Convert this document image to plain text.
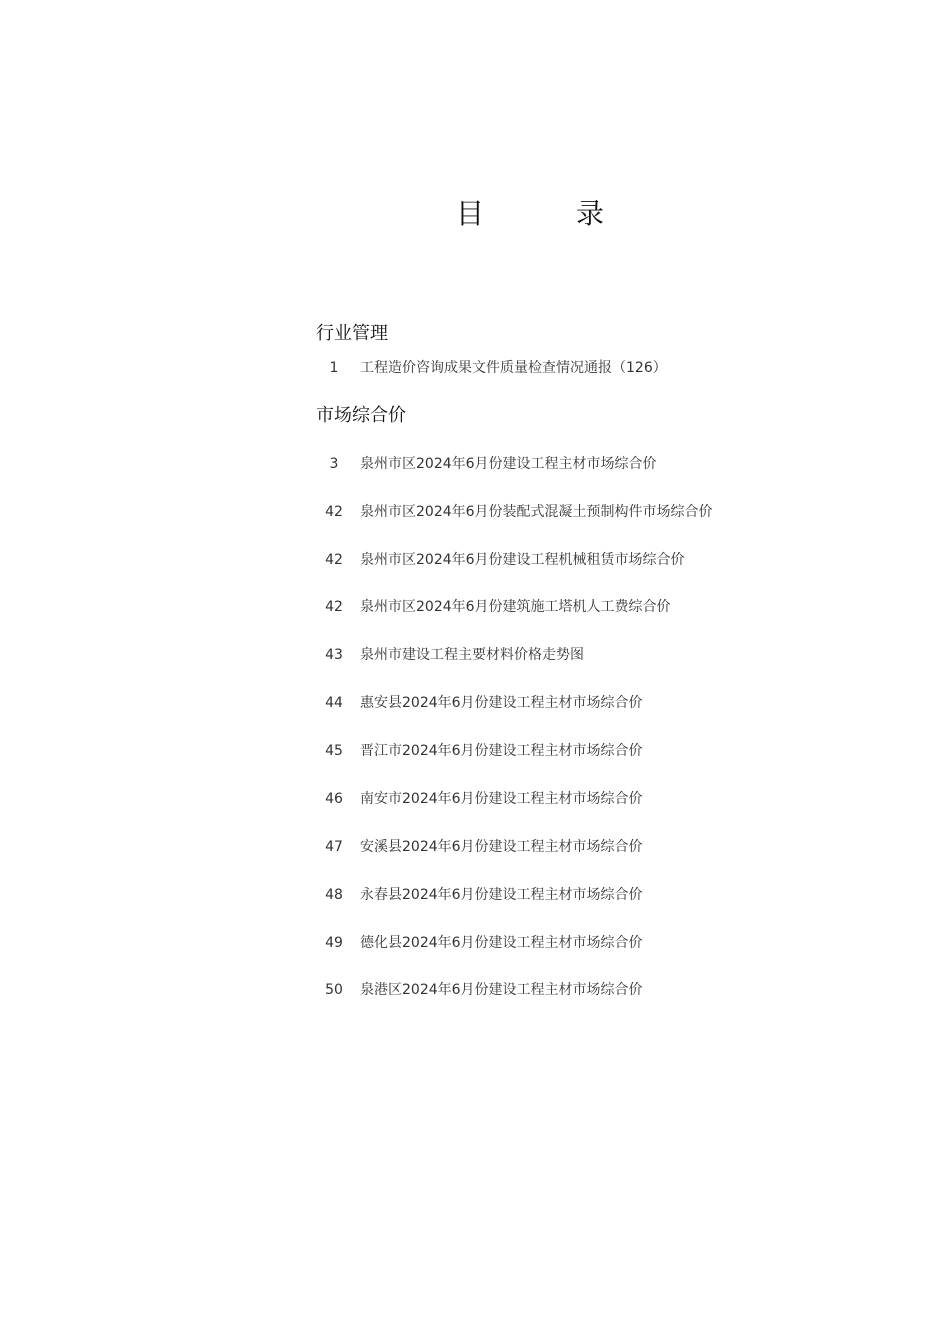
目　录
行业管理
1	工程造价咨询成果文件质量检查情况通报（126）
市场综合价
3	泉州市区2024年6月份建设工程主材市场综合价
42	泉州市区2024年6月份装配式混凝土预制构件市场综合价
42	泉州市区2024年6月份建设工程机械租赁市场综合价
42	泉州市区2024年6月份建筑施工塔机人工费综合价
43	泉州市建设工程主要材料价格走势图
44	惠安县2024年6月份建设工程主材市场综合价
45	晋江市2024年6月份建设工程主材市场综合价
46	南安市2024年6月份建设工程主材市场综合价
47	安溪县2024年6月份建设工程主材市场综合价
48	永春县2024年6月份建设工程主材市场综合价
49	德化县2024年6月份建设工程主材市场综合价
50	泉港区2024年6月份建设工程主材市场综合价
